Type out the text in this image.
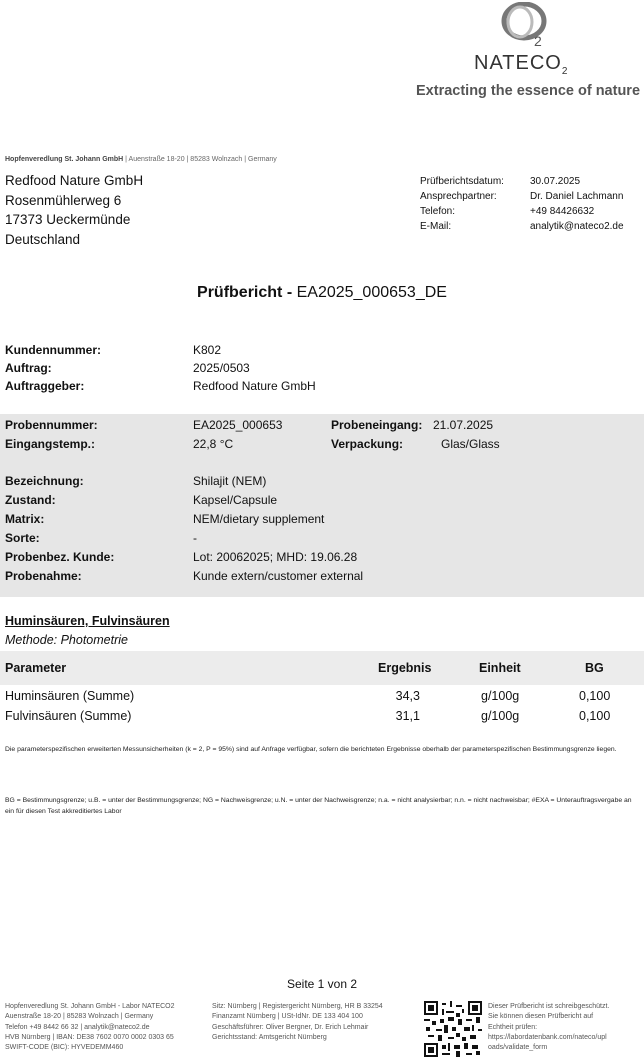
2
$NATECO_2$
Extracting the essence of nature
Hopfenveredlung St. Johann GmbH | Auenstraße 18-20 | 85283 Wolnzach | Germany
Redfood Nature GmbH
Rosenmühlerweg 6
17373 Ueckermünde
Deutschland
Prüfberichtsdatum:	30.07.2025
Ansprechpartner:	Dr. Daniel Lachmann
Telefon:	+49 84426632
E-Mail:	analytik@nateco2.de
Prüfbericht - EA2025_000653_DE
Kundennummer:	K802
Auftrag:	2025/0503
Auftraggeber:	Redfood Nature GmbH
Probennummer:	EA2025_000653	Probeneingang: 21.07.2025
Eingangstemp.:	22,8 °C	Verpackung:	Glas/Glass
Bezeichnung:	Shilajit (NEM)
Zustand:	Kapsel/Capsule
Matrix:	NEM/dietary supplement
Sorte:	-
Probenbez. Kunde:	Lot: 20062025; MHD: 19.06.28
Probenahme:	Kunde extern/customer external
Huminsäuren, Fulvinsäuren
Methode: Photometrie
Parameter	Ergebnis	Einheit	BG
Huminsäuren (Summe)	34,3	g/100g	0,100
Fulvinsäuren (Summe)	31,1	g/100g	0,100
Die parameterspezifischen erweiterten Messunsicherheiten (k = 2, P = 95%) sind auf Anfrage verfügbar, sofern die berichteten Ergebnisse oberhalb der parameterspezifischen Bestimmungsgrenze liegen.
BG = Bestimmungsgrenze; u.B. = unter der Bestimmungsgrenze; NG = Nachweisgrenze; u.N. = unter der Nachweisgrenze; n.a. = nicht analysierbar; n.n. = nicht nachweisbar; #EXA = Unterauftragsvergabe an ein für diesen Test akkreditiertes Labor
Seite 1 von 2
Hopfenveredlung St. Johann GmbH - Labor NATECO2
Auenstraße 18-20 | 85283 Wolnzach | Germany
Telefon +49 8442 66 32 | analytik@nateco2.de
HVB Nürnberg | IBAN: DE38 7602 0070 0002 0303 65
SWIFT-CODE (BIC): HYVEDEMM460
Sitz: Nürnberg | Registergericht Nürnberg, HR B 33254
Finanzamt Nürnberg | USt-IdNr. DE 133 404 100
Geschäftsführer: Oliver Bergner, Dr. Erich Lehmair
Gerichtsstand: Amtsgericht Nürnberg
Dieser Prüfbericht ist schreibgeschützt.
Sie können diesen Prüfbericht auf
Echtheit prüfen:
https://labordatenbank.com/nateco/upl
oads/validate_form
